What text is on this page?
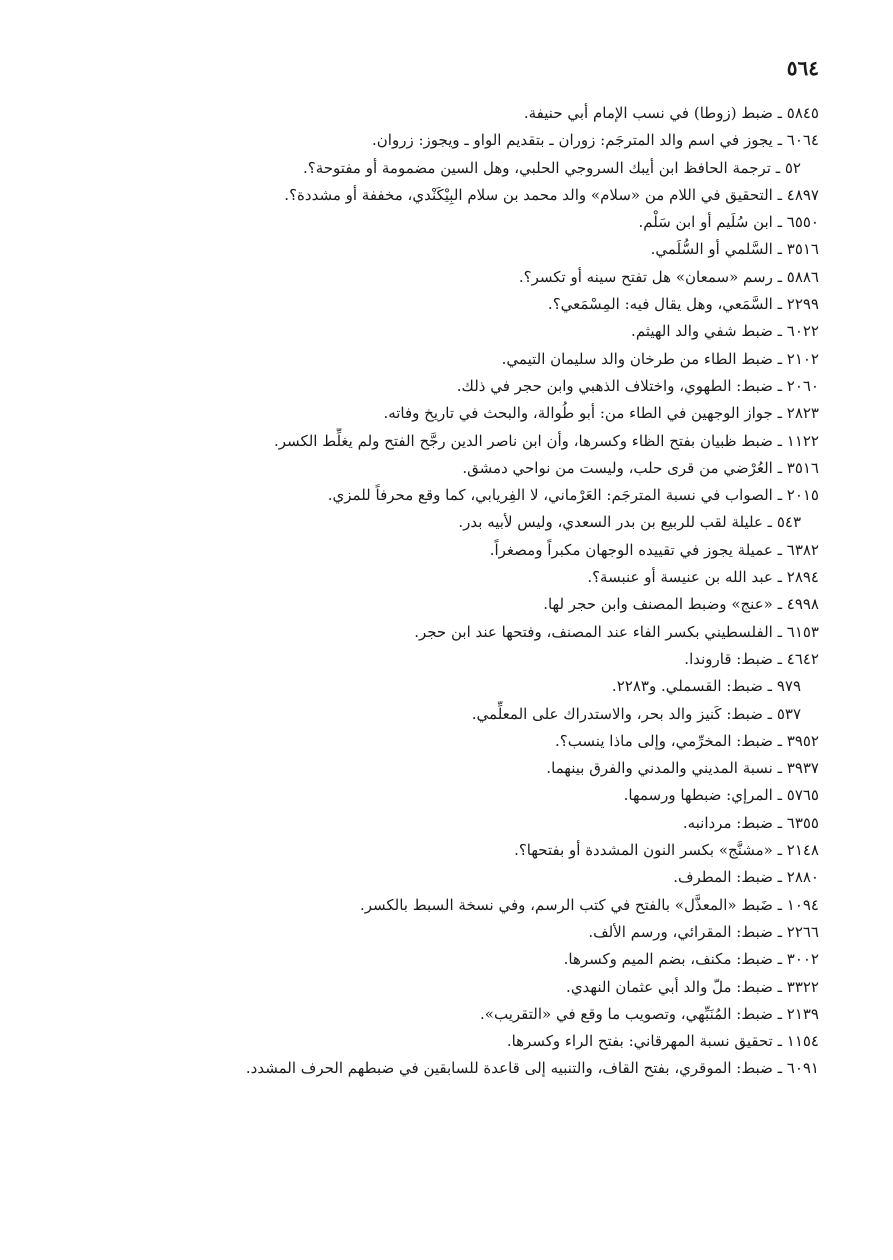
٥٦٤
٥٨٤٥ ـ ضبط (زوطا) في نسب الإمام أبي حنيفة.
٦٠٦٤ ـ يجوز في اسم والد المترجَم: زوران ـ بتقديم الواو ـ ويجوز: زروان.
٥٢ ـ ترجمة الحافظ ابن أيبك السروجي الحلبي، وهل السين مضمومة أو مفتوحة؟.
٤٨٩٧ ـ التحقيق في اللام من «سلام» والد محمد بن سلام البِيْكَنْدي، مخففة أو مشددة؟.
٦٥٥٠ ـ ابن سُلَيم أو ابن سَلْم.
٣٥١٦ ـ السَّلمي أو السُّلَمي.
٥٨٨٦ ـ رسم «سمعان» هل تفتح سينه أو تكسر؟.
٢٢٩٩ ـ السَّمَعي، وهل يقال فيه: المِسْمَعي؟.
٦٠٢٢ ـ ضبط شفي والد الهيثم.
٢١٠٢ ـ ضبط الطاء من طرخان والد سليمان التيمي.
٢٠٦٠ ـ ضبط: الطهوي، واختلاف الذهبي وابن حجر في ذلك.
٢٨٢٣ ـ جواز الوجهين في الطاء من: أبو طُوالة، والبحث في تاريخ وفاته.
١١٢٢ ـ ضبط ظبيان بفتح الظاء وكسرها، وأن ابن ناصر الدين رجَّح الفتح ولم يغلِّط الكسر.
٣٥١٦ ـ العُرْضي من قرى حلب، وليست من نواحي دمشق.
٢٠١٥ ـ الصواب في نسبة المترجَم: العَرْماني، لا الفِريابي، كما وقع محرفاً للمزي.
٥٤٣ ـ عليلة لقب للربيع بن بدر السعدي، وليس لأبيه بدر.
٦٣٨٢ ـ عميلة يجوز في تقييده الوجهان مكبراً ومصغراً.
٢٨٩٤ ـ عبد الله بن عنيسة أو عنبسة؟.
٤٩٩٨ ـ «عنج» وضبط المصنف وابن حجر لها.
٦١٥٣ ـ الفلسطيني بكسر الفاء عند المصنف، وفتحها عند ابن حجر.
٤٦٤٢ ـ ضبط: قاروندا.
٩٧٩ ـ ضبط: القسملي. و٢٢٨٣.
٥٣٧ ـ ضبط: كَنيز والد بحر، والاستدراك على المعلِّمي.
٣٩٥٢ ـ ضبط: المخرِّمي، وإلى ماذا ينسب؟.
٣٩٣٧ ـ نسبة المديني والمدني والفرق بينهما.
٥٧٦٥ ـ المرإي: ضبطها ورسمها.
٦٣٥٥ ـ ضبط: مردانبه.
٢١٤٨ ـ «مشنَّج» بكسر النون المشددة أو بفتحها؟.
٢٨٨٠ ـ ضبط: المطرف.
١٠٩٤ ـ ضَبط «المعذَّل» بالفتح في كتب الرسم، وفي نسخة السبط بالكسر.
٢٢٦٦ ـ ضبط: المقرائي، ورسم الألف.
٣٠٠٢ ـ ضبط: مكنف، بضم الميم وكسرها.
٣٣٢٢ ـ ضبط: ملّ والد أبي عثمان النهدي.
٢١٣٩ ـ ضبط: المُنَبِّهي، وتصويب ما وقع في «التقريب».
١١٥٤ ـ تحقيق نسبة المهرقاني: بفتح الراء وكسرها.
٦٠٩١ ـ ضبط: الموقري، بفتح القاف، والتنبيه إلى قاعدة للسابقين في ضبطهم الحرف المشدد.
